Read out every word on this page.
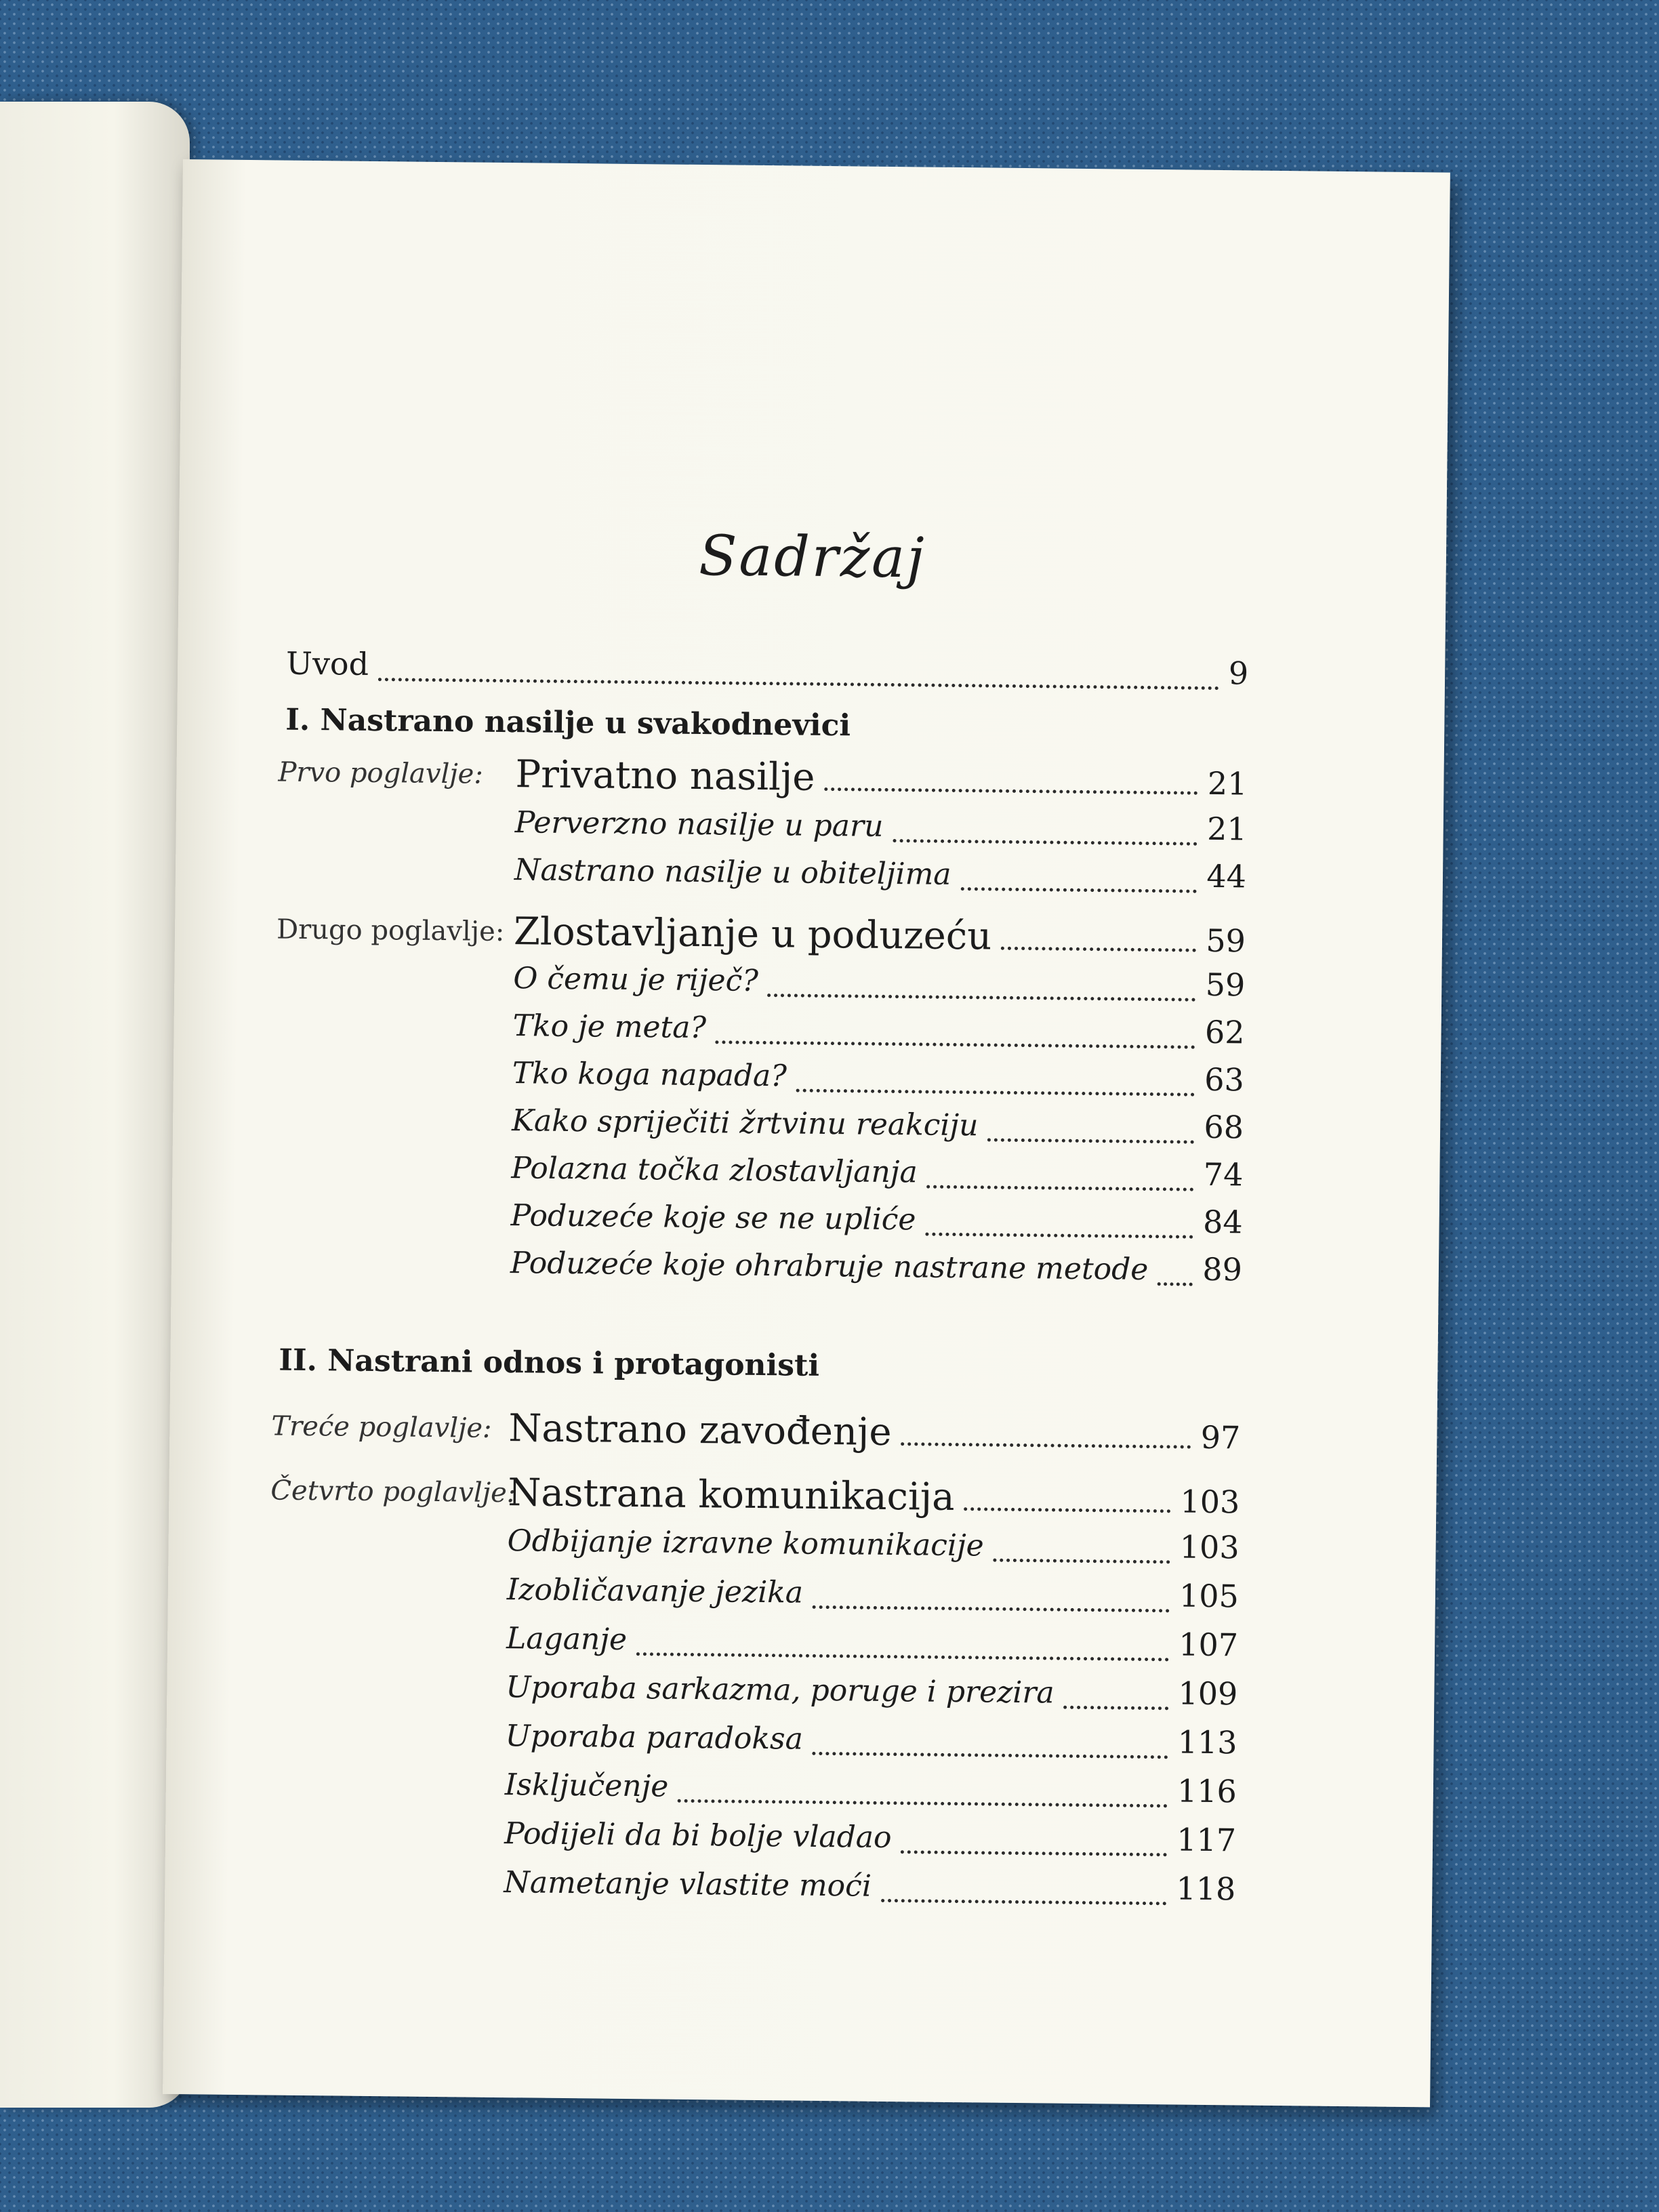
Sadržaj
Uvod	9
I. Nastrano nasilje u svakodnevici
Prvo poglavlje: Privatno nasilje	21
Perverzno nasilje u paru	21
Nastrano nasilje u obiteljima	44
Drugo poglavlje: Zlostavljanje u poduzeću	59
O čemu je riječ?	59
Tko je meta?	62
Tko koga napada?	63
Kako spriječiti žrtvinu reakciju	68
Polazna točka zlostavljanja	74
Poduzeće koje se ne upliće	84
Poduzeće koje ohrabruje nastrane metode 89
II. Nastrani odnos i protagonisti
Treće poglavlje: Nastrano zavođenje	97
Četvrto poglavlje:
Nastrana komunikacija	103
Odbijanje izravne komunikacije	103
Izobličavanje jezika	105
Laganje	107
Uporaba sarkazma, poruge i prezira	109
Uporaba paradoksa	113
Isključenje	116
Podijeli da bi bolje vladao	117
Nametanje vlastite moći	118
